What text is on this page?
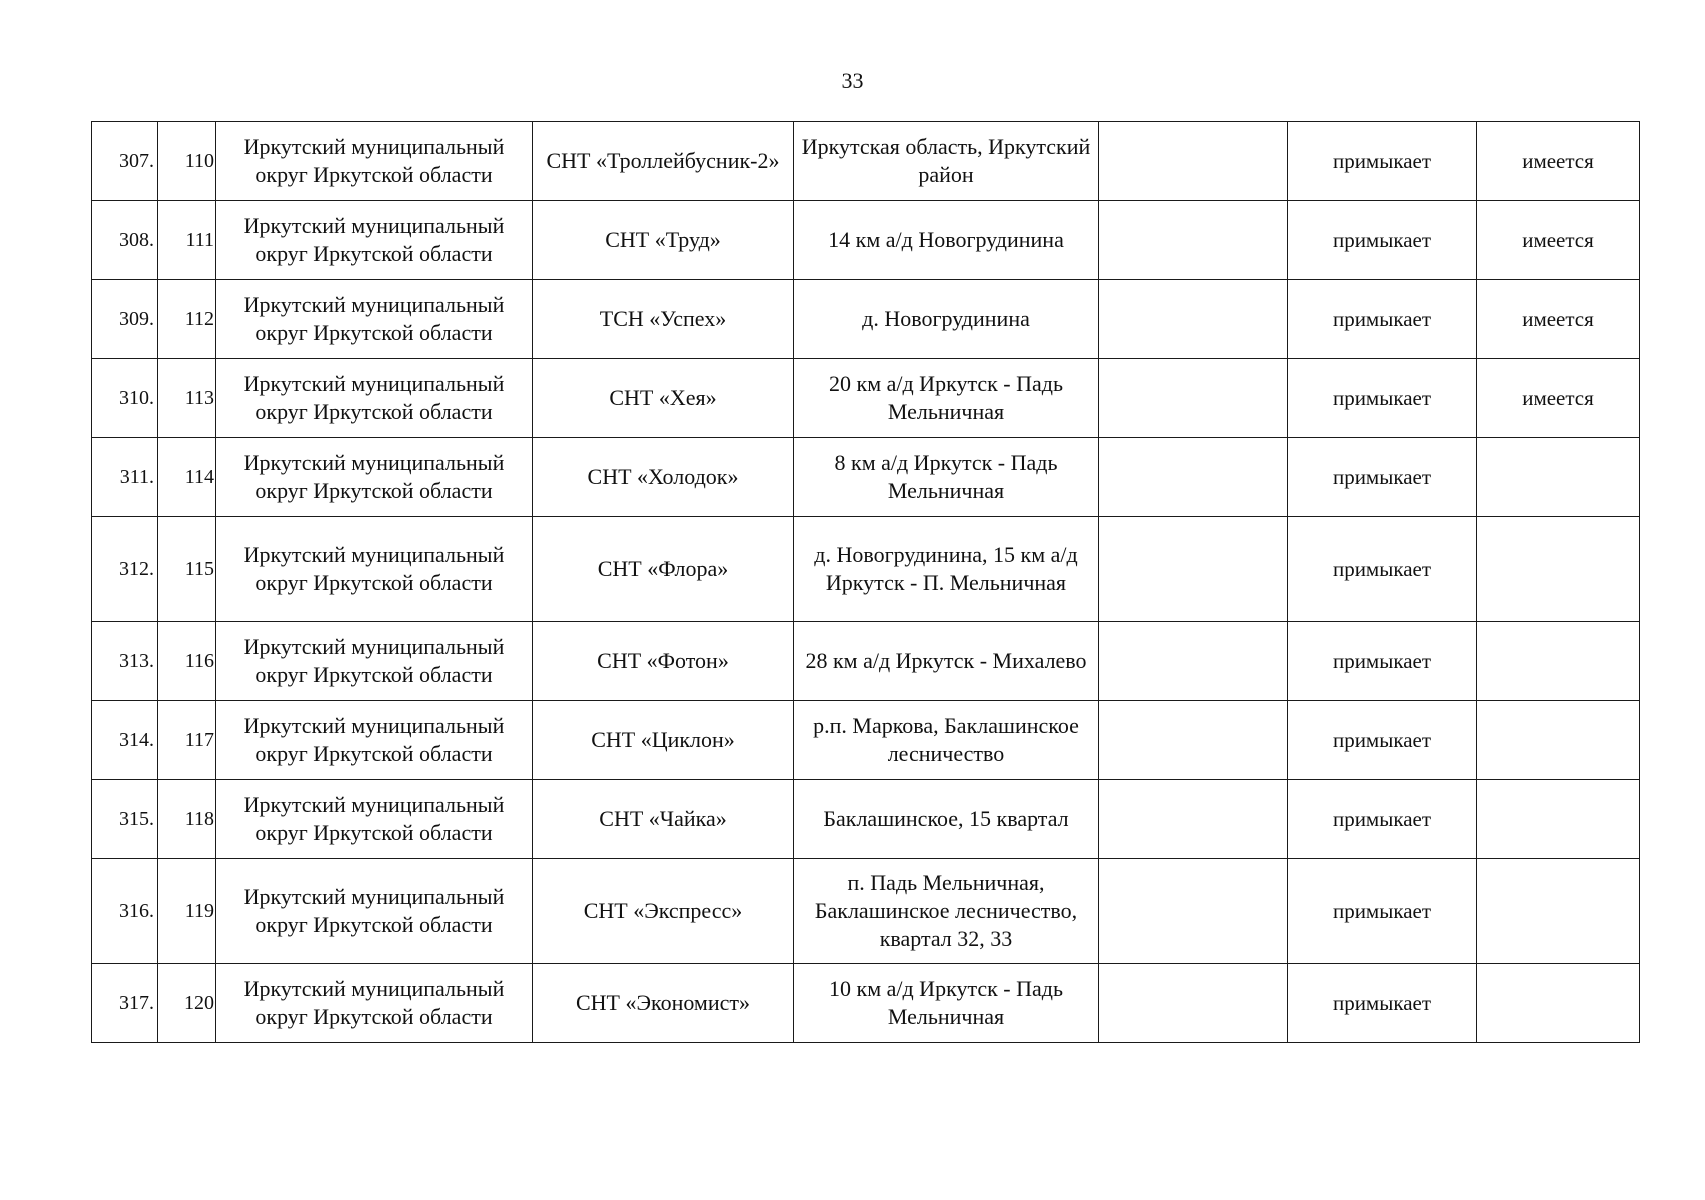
33
307.	110	Иркутский муниципальный округ Иркутской области	СНТ «Троллейбусник-2»	Иркутская область, Иркутский район		примыкает	имеется
308.	111	Иркутский муниципальный округ Иркутской области	СНТ «Труд»	14 км а/д Новогрудинина		примыкает	имеется
309.	112	Иркутский муниципальный округ Иркутской области	ТСН «Успех»	д. Новогрудинина		примыкает	имеется
310.	113	Иркутский муниципальный округ Иркутской области	СНТ «Хея»	20 км а/д Иркутск - Падь Мельничная		примыкает	имеется
311.	114	Иркутский муниципальный округ Иркутской области	СНТ «Холодок»	8 км а/д Иркутск - Падь Мельничная		примыкает	
312.	115	Иркутский муниципальный округ Иркутской области	СНТ «Флора»	д. Новогрудинина, 15 км а/д Иркутск - П. Мельничная		примыкает	
313.	116	Иркутский муниципальный округ Иркутской области	СНТ «Фотон»	28 км а/д Иркутск - Михалево		примыкает	
314.	117	Иркутский муниципальный округ Иркутской области	СНТ «Циклон»	р.п. Маркова, Баклашинское лесничество		примыкает	
315.	118	Иркутский муниципальный округ Иркутской области	СНТ «Чайка»	Баклашинское, 15 квартал		примыкает	
316.	119	Иркутский муниципальный округ Иркутской области	СНТ «Экспресс»	п. Падь Мельничная, Баклашинское лесничество, квартал 32, 33		примыкает	
317.	120	Иркутский муниципальный округ Иркутской области	СНТ «Экономист»	10 км а/д Иркутск - Падь Мельничная		примыкает	
